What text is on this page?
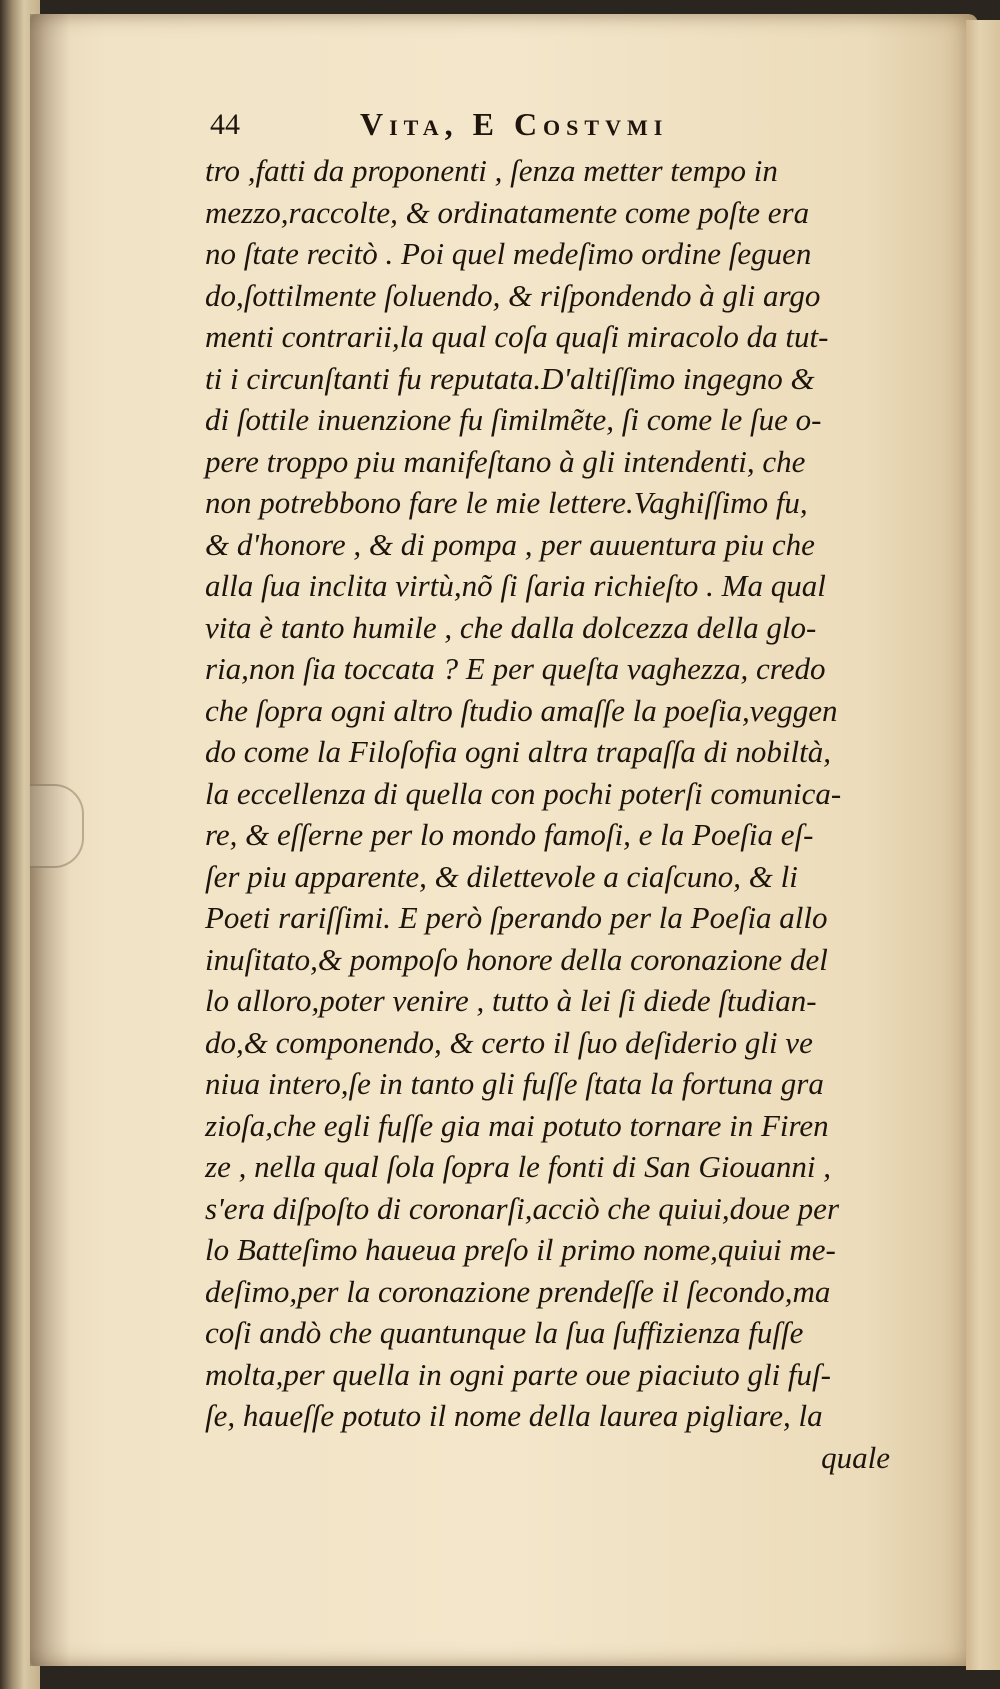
44	Vita, E Costvmi
tro ,fatti da proponenti , ſenza metter tempo in
mezzo,raccolte, & ordinatamente come poſte era
no ſtate recitò . Poi quel medeſimo ordine ſeguen
do,ſottilmente ſoluendo, & riſpondendo à gli argo
menti contrarii,la qual coſa quaſi miracolo da tut-
ti i circunſtanti fu reputata.D'altiſſimo ingegno &
di ſottile inuenzione fu ſimilmẽte, ſi come le ſue o-
pere troppo piu manifeſtano à gli intendenti, che
non potrebbono fare le mie lettere.Vaghiſſimo fu,
& d'honore , & di pompa , per auuentura piu che
alla ſua inclita virtù,nõ ſi ſaria richieſto . Ma qual
vita è tanto humile , che dalla dolcezza della glo-
ria,non ſia toccata ? E per queſta vaghezza, credo
che ſopra ogni altro ſtudio amaſſe la poeſia,veggen
do come la Filoſofia ogni altra trapaſſa di nobiltà,
la eccellenza di quella con pochi poterſi comunica-
re, & eſſerne per lo mondo famoſi, e la Poeſia eſ-
ſer piu apparente, & dilettevole a ciaſcuno, & li
Poeti rariſſimi. E però ſperando per la Poeſia allo
inuſitato,& pompoſo honore della coronazione del
lo alloro,poter venire , tutto à lei ſi diede ſtudian-
do,& componendo, & certo il ſuo deſiderio gli ve
niua intero,ſe in tanto gli fuſſe ſtata la fortuna gra
zioſa,che egli fuſſe gia mai potuto tornare in Firen
ze , nella qual ſola ſopra le fonti di San Giouanni ,
s'era diſpoſto di coronarſi,acciò che quiui,doue per
lo Batteſimo haueua preſo il primo nome,quiui me-
deſimo,per la coronazione prendeſſe il ſecondo,ma
coſi andò che quantunque la ſua ſuffizienza fuſſe
molta,per quella in ogni parte oue piaciuto gli fuſ-
ſe, haueſſe potuto il nome della laurea pigliare, la
quale
